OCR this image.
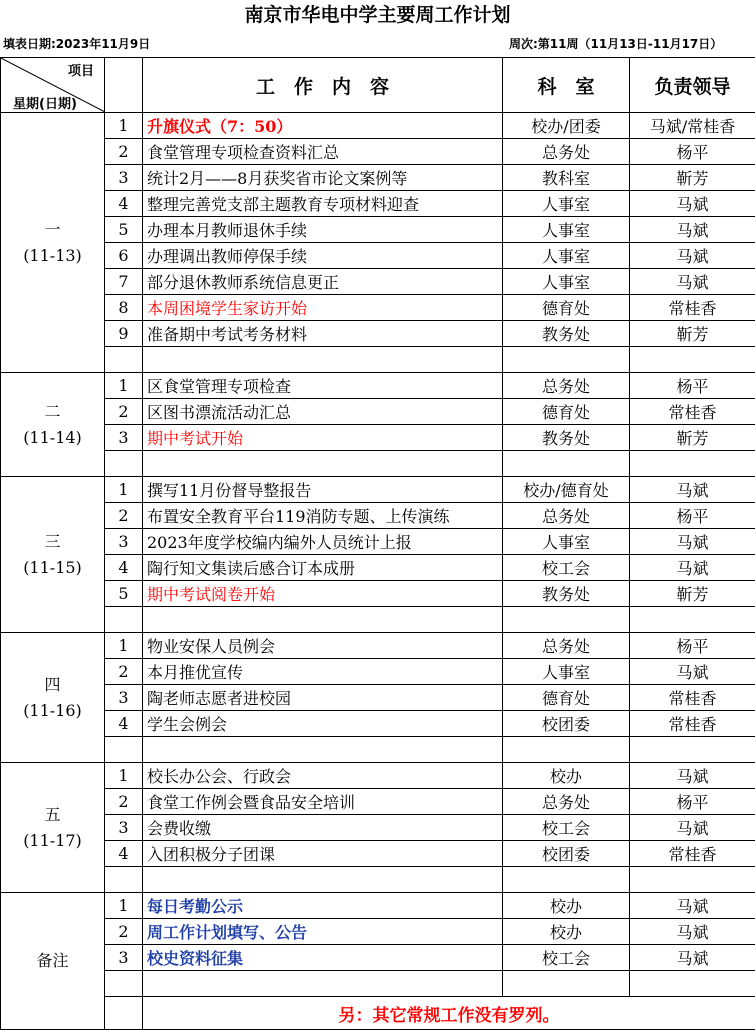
南京市华电中学主要周工作计划
填表日期:2023年11月9日	周次:第11周（11月13日-11月17日）
项目
星期(日期)		工　作　内　容	科　室	负责领导

一
(11-13)	1	升旗仪式（7：50）	校办/团委	马斌/常桂香
	2	食堂管理专项检查资料汇总	总务处	杨平
	3	统计2月——8月获奖省市论文案例等	教科室	靳芳
	4	整理完善党支部主题教育专项材料迎查	人事室	马斌
	5	办理本月教师退休手续	人事室	马斌
	6	办理调出教师停保手续	人事室	马斌
	7	部分退休教师系统信息更正	人事室	马斌
	8	本周困境学生家访开始	德育处	常桂香
	9	准备期中考试考务材料	教务处	靳芳

二
(11-14)	1	区食堂管理专项检查	总务处	杨平
	2	区图书漂流活动汇总	德育处	常桂香
	3	期中考试开始	教务处	靳芳

三
(11-15)	1	撰写11月份督导整报告	校办/德育处	马斌
	2	布置安全教育平台119消防专题、上传演练	总务处	杨平
	3	2023年度学校编内编外人员统计上报	人事室	马斌
	4	陶行知文集读后感合订本成册	校工会	马斌
	5	期中考试阅卷开始	教务处	靳芳

四
(11-16)	1	物业安保人员例会	总务处	杨平
	2	本月推优宣传	人事室	马斌
	3	陶老师志愿者进校园	德育处	常桂香
	4	学生会例会	校团委	常桂香

五
(11-17)	1	校长办公会、行政会	校办	马斌
	2	食堂工作例会暨食品安全培训	总务处	杨平
	3	会费收缴	校工会	马斌
	4	入团积极分子团课	校团委	常桂香

备注	1	每日考勤公示	校办	马斌
	2	周工作计划填写、公告	校办	马斌
	3	校史资料征集	校工会	马斌

		另：其它常规工作没有罗列。		
